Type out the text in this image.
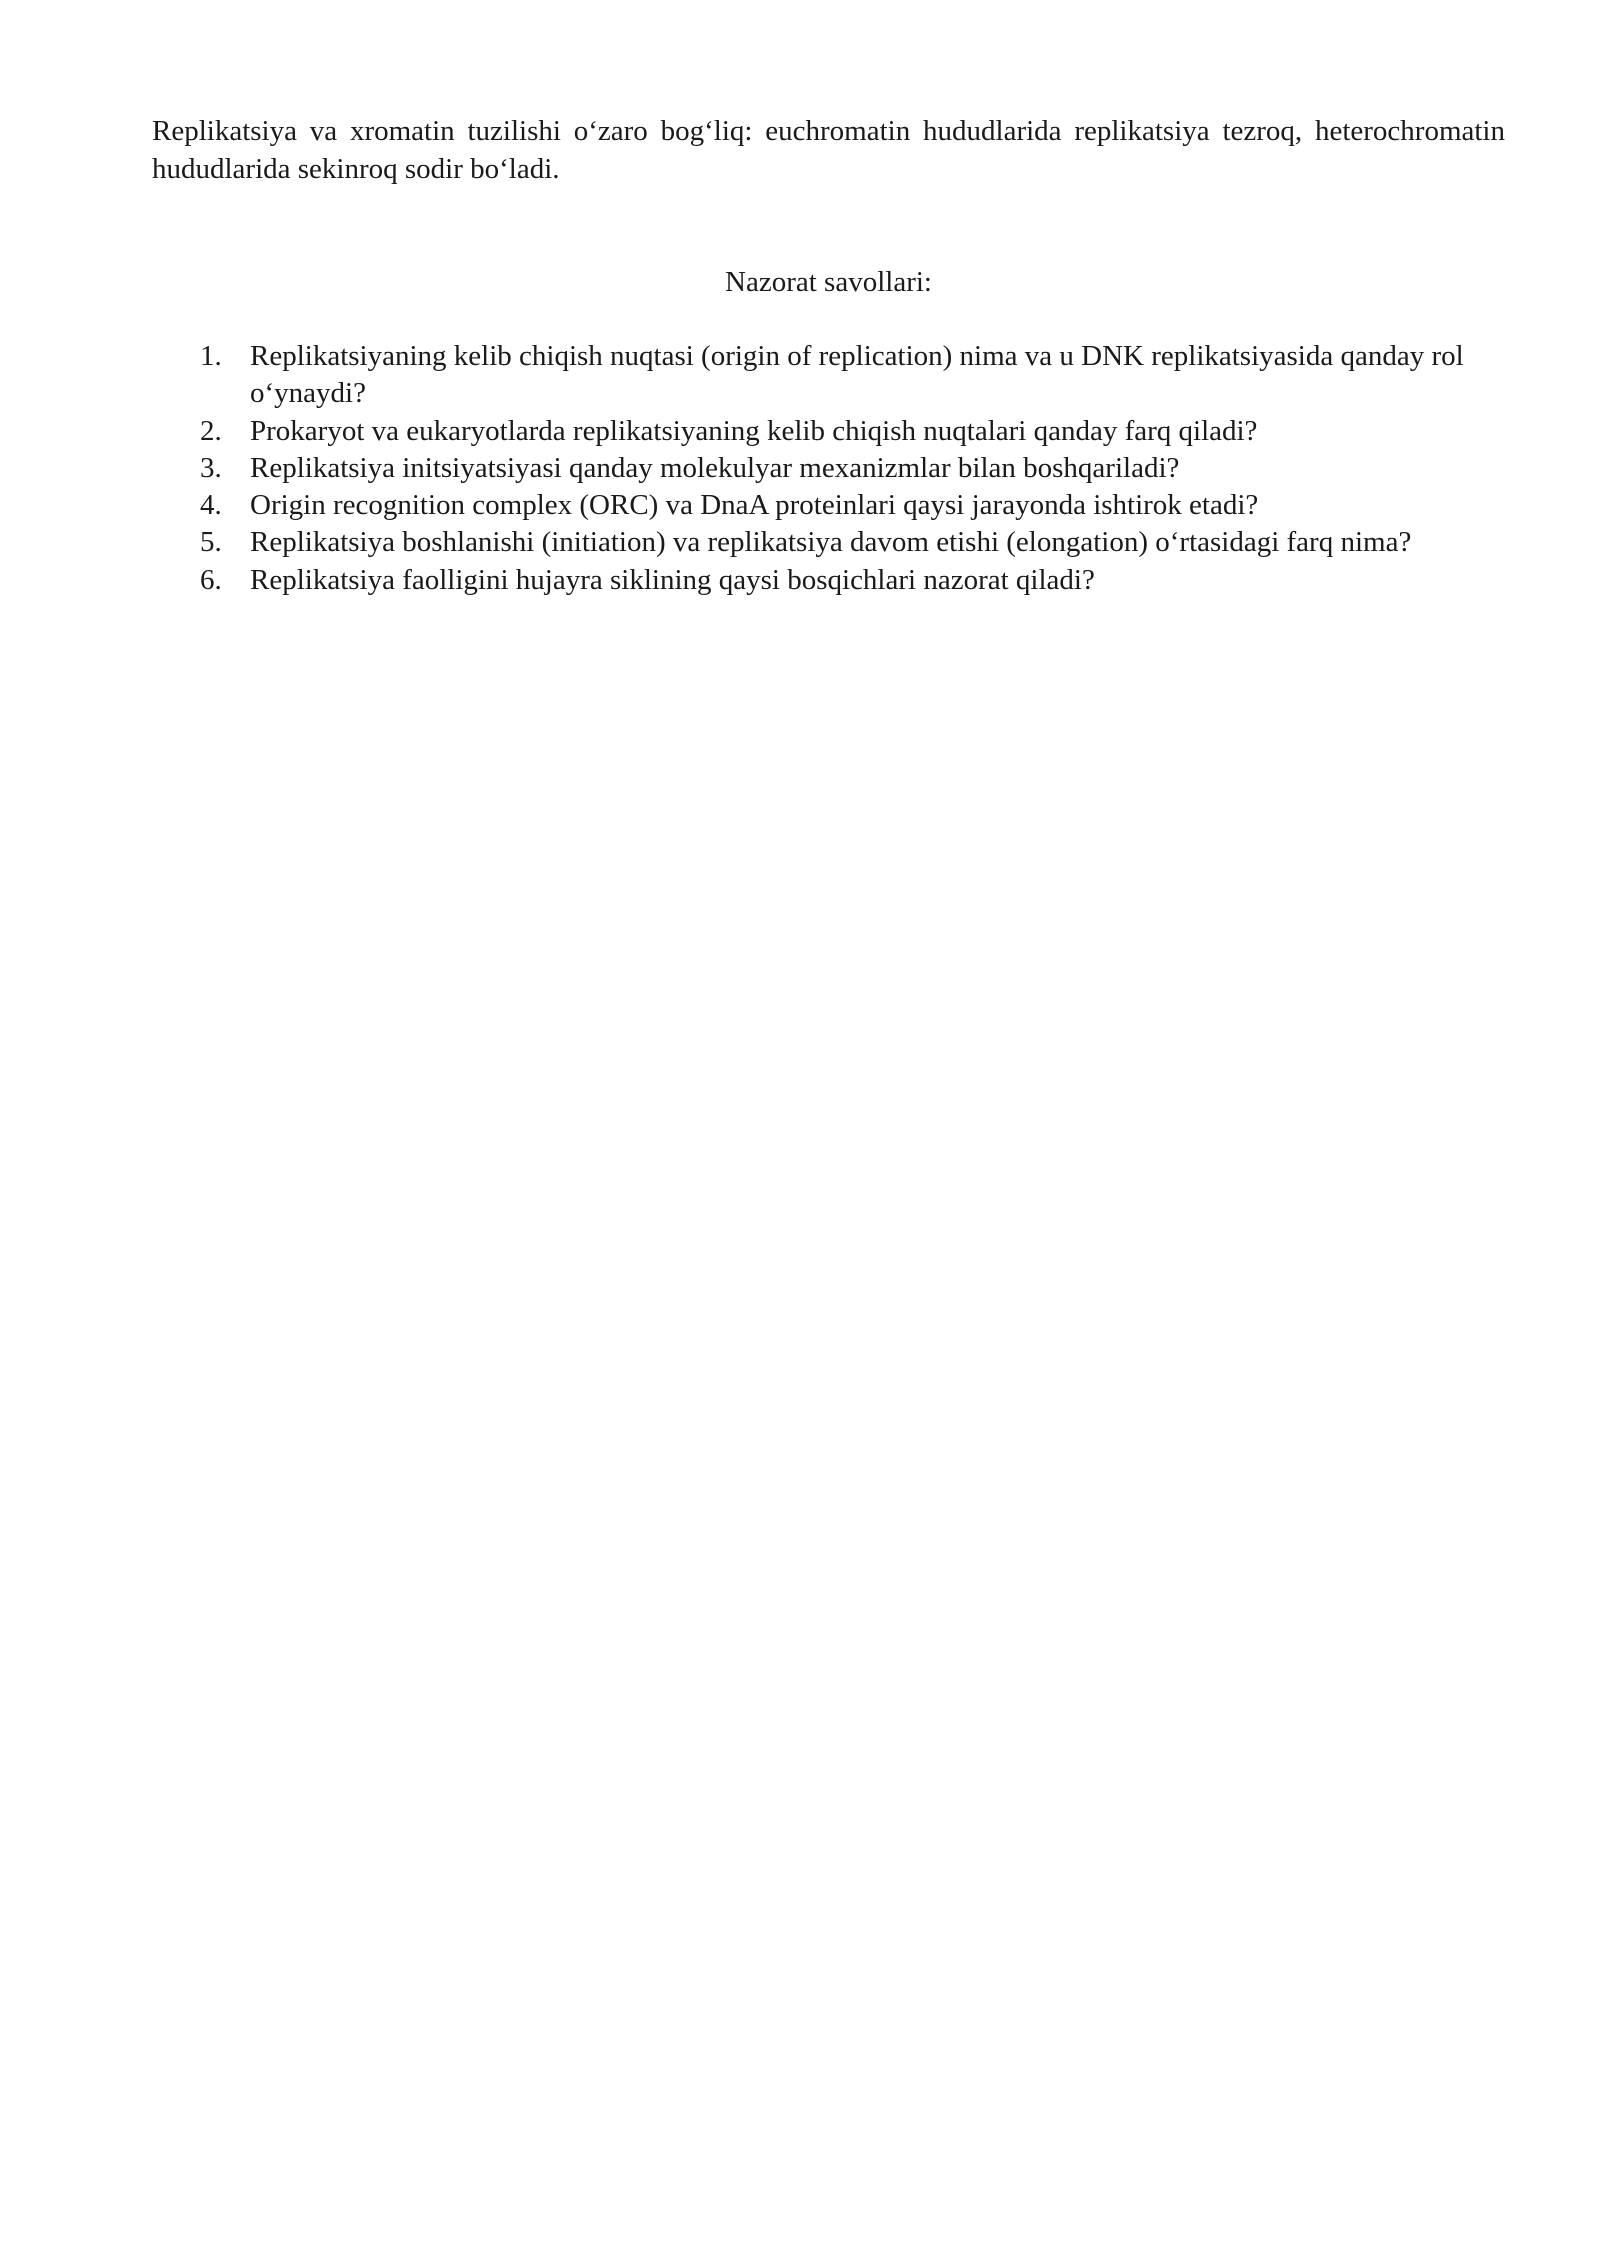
Replikatsiya va xromatin tuzilishi o‘zaro bog‘liq: euchromatin hududlarida replikatsiya tezroq, heterochromatin hududlarida sekinroq sodir bo‘ladi.

Nazorat savollari:
1. Replikatsiyaning kelib chiqish nuqtasi (origin of replication) nima va u DNK replikatsiyasida qanday rol o‘ynaydi?
2. Prokaryot va eukaryotlarda replikatsiyaning kelib chiqish nuqtalari qanday farq qiladi?
3. Replikatsiya initsiyatsiyasi qanday molekulyar mexanizmlar bilan boshqariladi?
4. Origin recognition complex (ORC) va DnaA proteinlari qaysi jarayonda ishtirok etadi?
5. Replikatsiya boshlanishi (initiation) va replikatsiya davom etishi (elongation) o‘rtasidagi farq nima?
6. Replikatsiya faolligini hujayra siklining qaysi bosqichlari nazorat qiladi?
